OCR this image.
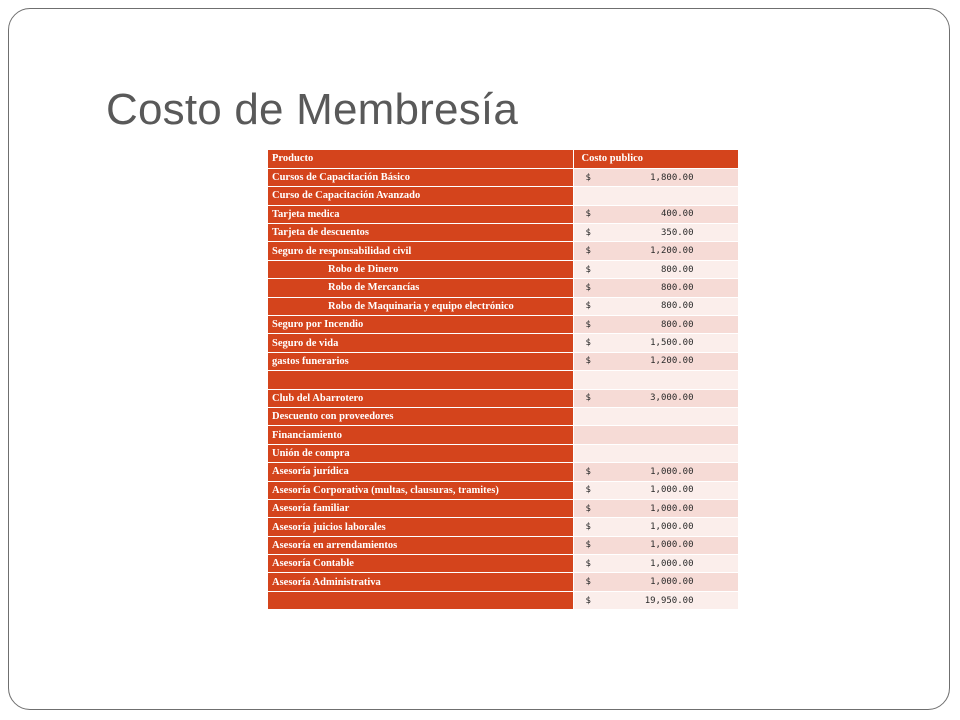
Costo de Membresía
Producto	Costo publico
Cursos de Capacitación Básico	$ 1,800.00
Curso de Capacitación Avanzado	

Tarjeta medica	$ 400.00
Tarjeta de descuentos	$ 350.00
Seguro de responsabilidad civil	$ 1,200.00
Robo de Dinero	$ 800.00
Robo de Mercancías	$ 800.00
Robo de Maquinaria y equipo electrónico	$ 800.00
Seguro por Incendio	$ 800.00
Seguro de vida	$ 1,500.00
gastos funerarios	$ 1,200.00

Club del Abarrotero	$ 3,000.00
Descuento con proveedores	

Financiamiento	

Unión de compra	

Asesoría jurídica	$ 1,000.00
Asesoría Corporativa (multas, clausuras, tramites)	$ 1,000.00
Asesoría familiar	$ 1,000.00
Asesoría juicios laborales	$ 1,000.00
Asesoría en arrendamientos	$ 1,000.00
Asesoría Contable	$ 1,000.00
Asesoría Administrativa	$ 1,000.00

	$ 19,950.00
